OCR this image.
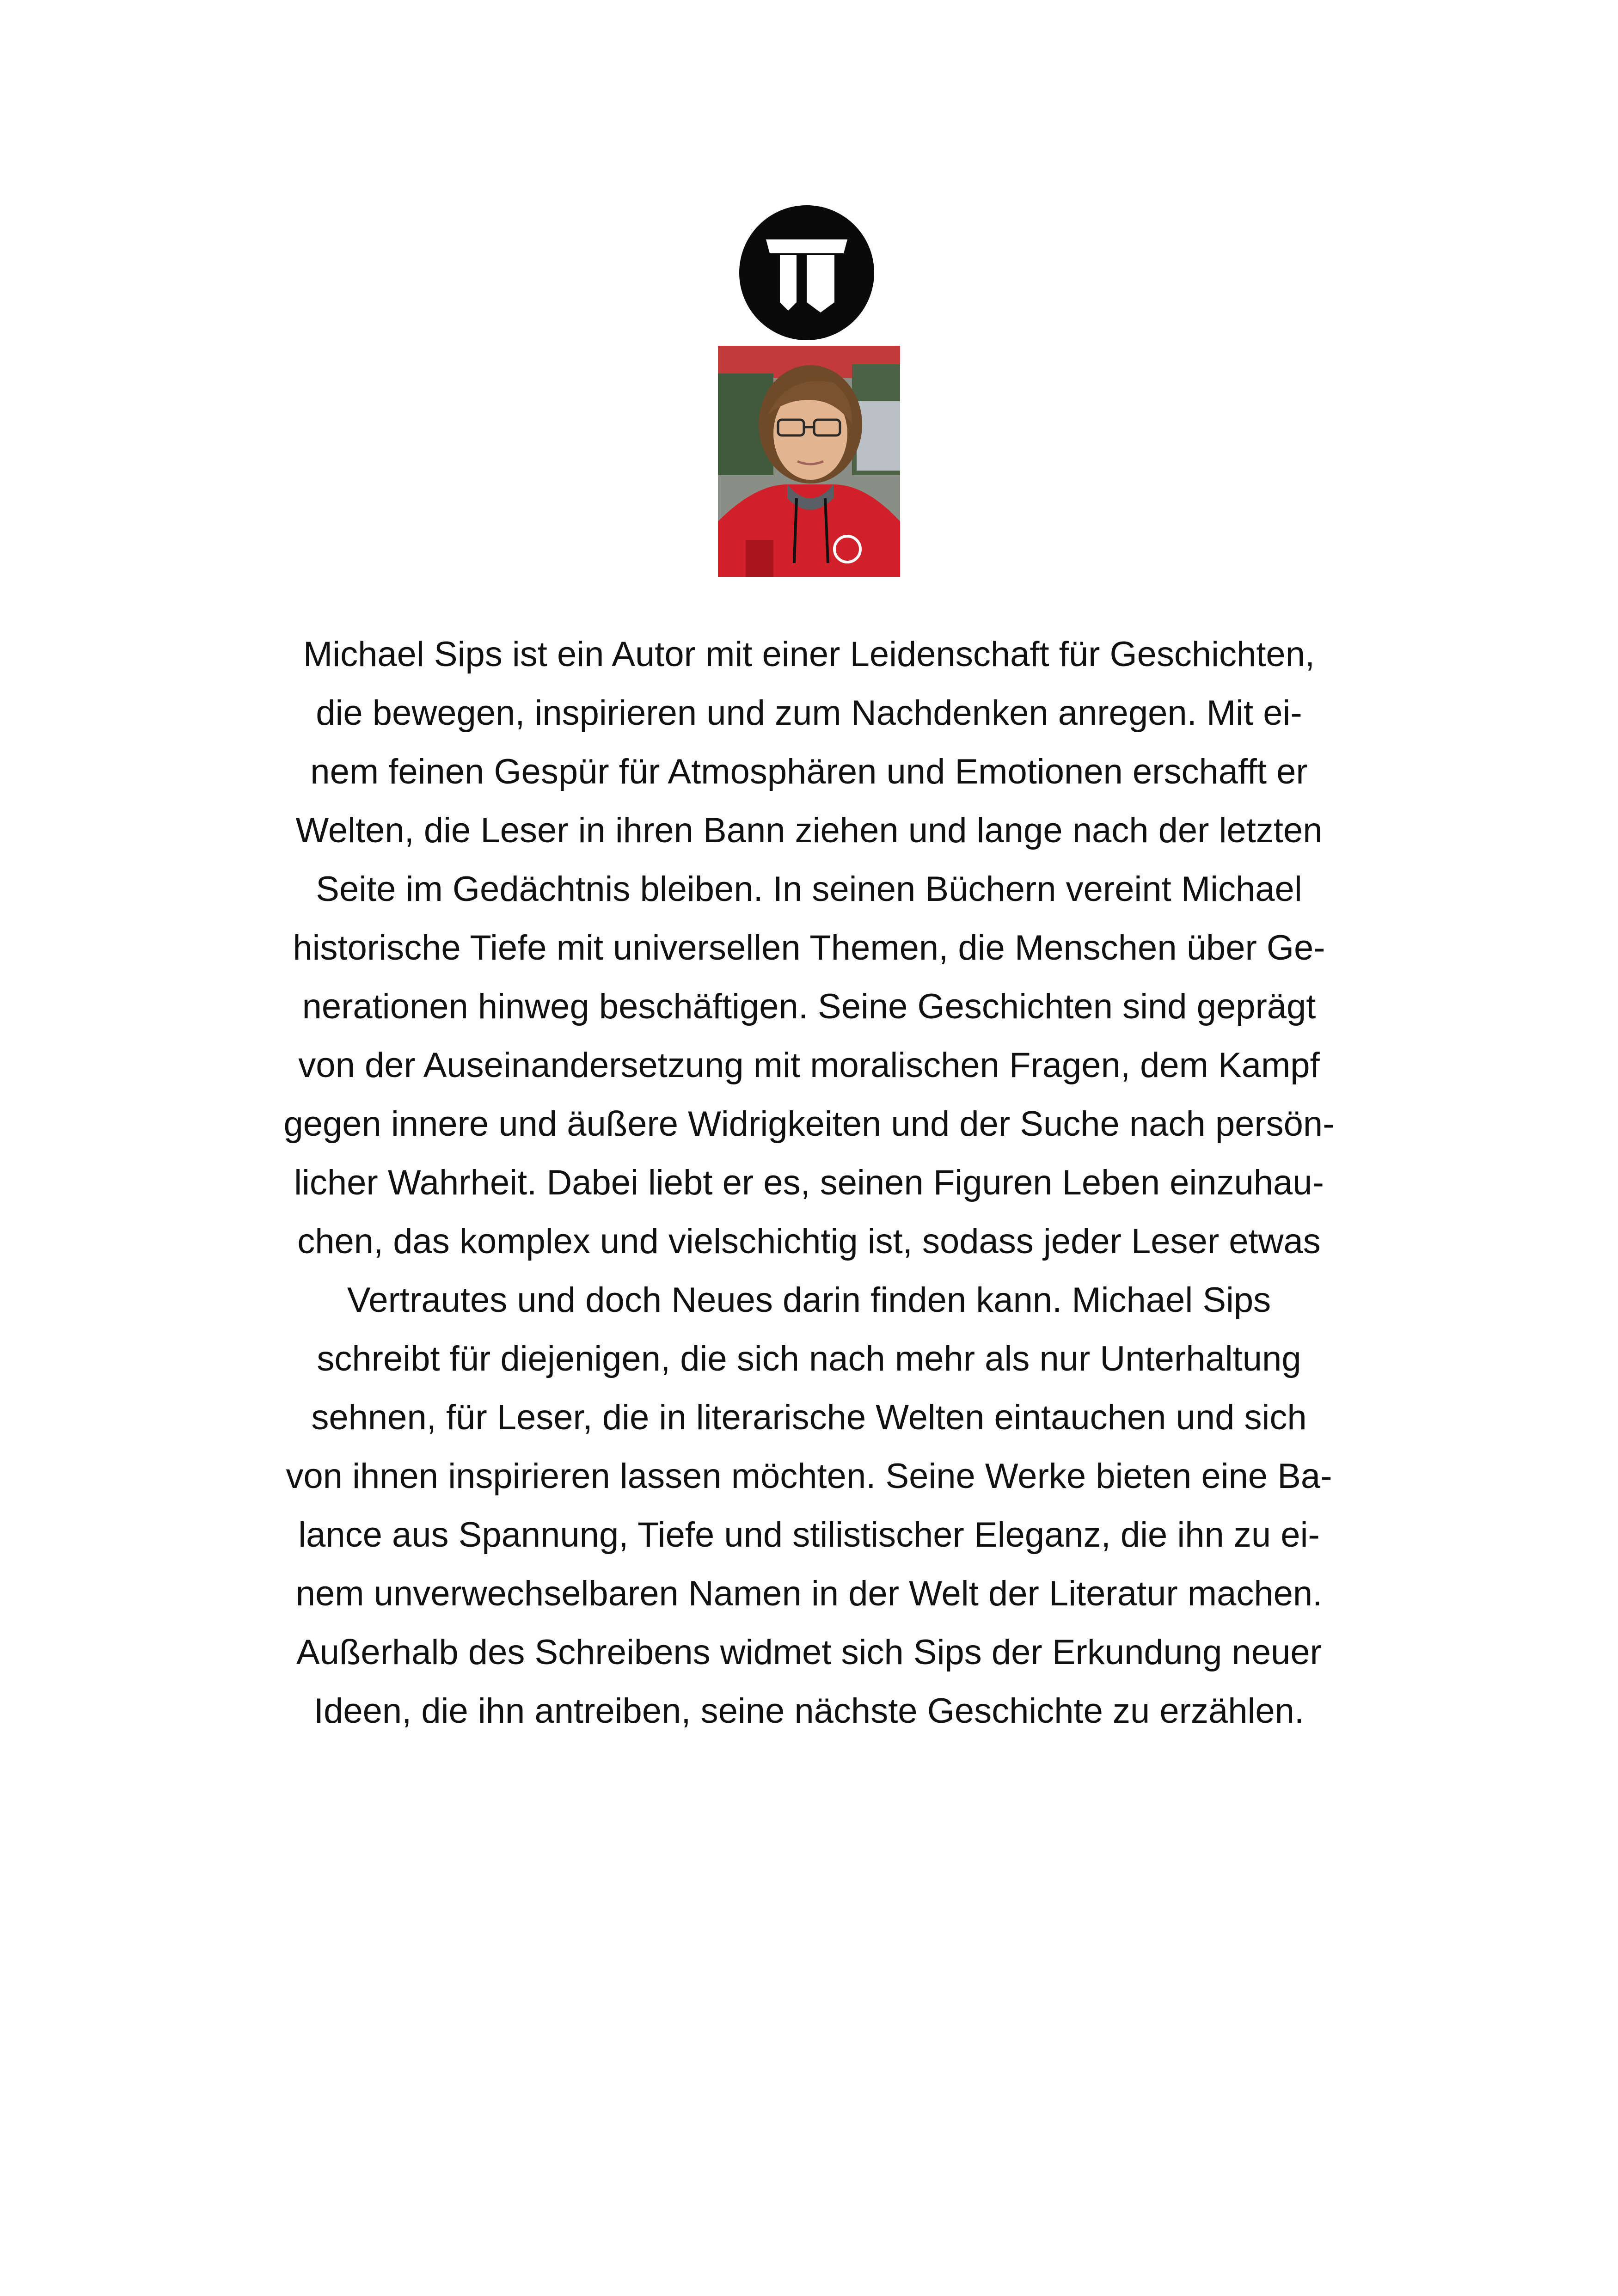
Michael Sips ist ein Autor mit einer Leidenschaft für Geschichten,
die bewegen, inspirieren und zum Nachdenken anregen. Mit ei-
nem feinen Gespür für Atmosphären und Emotionen erschafft er
Welten, die Leser in ihren Bann ziehen und lange nach der letzten
Seite im Gedächtnis bleiben. In seinen Büchern vereint Michael
historische Tiefe mit universellen Themen, die Menschen über Ge-
nerationen hinweg beschäftigen. Seine Geschichten sind geprägt
von der Auseinandersetzung mit moralischen Fragen, dem Kampf
gegen innere und äußere Widrigkeiten und der Suche nach persön-
licher Wahrheit. Dabei liebt er es, seinen Figuren Leben einzuhau-
chen, das komplex und vielschichtig ist, sodass jeder Leser etwas
Vertrautes und doch Neues darin finden kann. Michael Sips
schreibt für diejenigen, die sich nach mehr als nur Unterhaltung
sehnen, für Leser, die in literarische Welten eintauchen und sich
von ihnen inspirieren lassen möchten. Seine Werke bieten eine Ba-
lance aus Spannung, Tiefe und stilistischer Eleganz, die ihn zu ei-
nem unverwechselbaren Namen in der Welt der Literatur machen.
Außerhalb des Schreibens widmet sich Sips der Erkundung neuer
Ideen, die ihn antreiben, seine nächste Geschichte zu erzählen.
